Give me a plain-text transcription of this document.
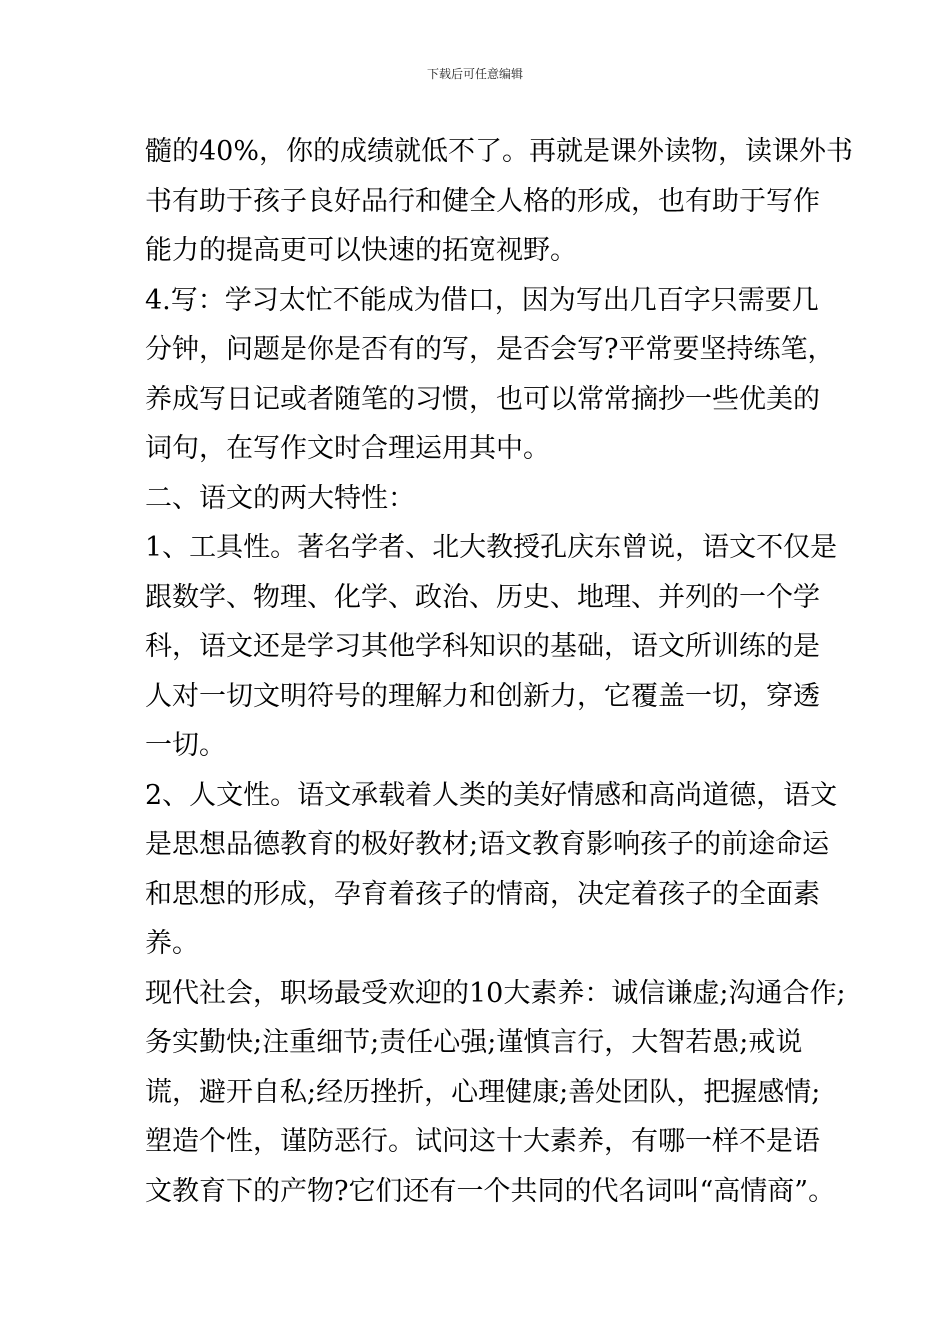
下载后可任意编辑
髓的40%，你的成绩就低不了。再就是课外读物，读课外书
书有助于孩子良好品行和健全人格的形成，也有助于写作
能力的提高更可以快速的拓宽视野。
4.写：学习太忙不能成为借口，因为写出几百字只需要几
分钟，问题是你是否有的写，是否会写?平常要坚持练笔，
养成写日记或者随笔的习惯，也可以常常摘抄一些优美的
词句，在写作文时合理运用其中。
二、语文的两大特性：
1、工具性。著名学者、北大教授孔庆东曾说，语文不仅是
跟数学、物理、化学、政治、历史、地理、并列的一个学
科，语文还是学习其他学科知识的基础，语文所训练的是
人对一切文明符号的理解力和创新力，它覆盖一切，穿透
一切。
2、人文性。语文承载着人类的美好情感和高尚道德，语文
是思想品德教育的极好教材;语文教育影响孩子的前途命运
和思想的形成，孕育着孩子的情商，决定着孩子的全面素
养。
现代社会，职场最受欢迎的10大素养：诚信谦虚;沟通合作;
务实勤快;注重细节;责任心强;谨慎言行，大智若愚;戒说
谎，避开自私;经历挫折，心理健康;善处团队，把握感情;
塑造个性，谨防恶行。试问这十大素养，有哪一样不是语
文教育下的产物?它们还有一个共同的代名词叫“高情商”。
